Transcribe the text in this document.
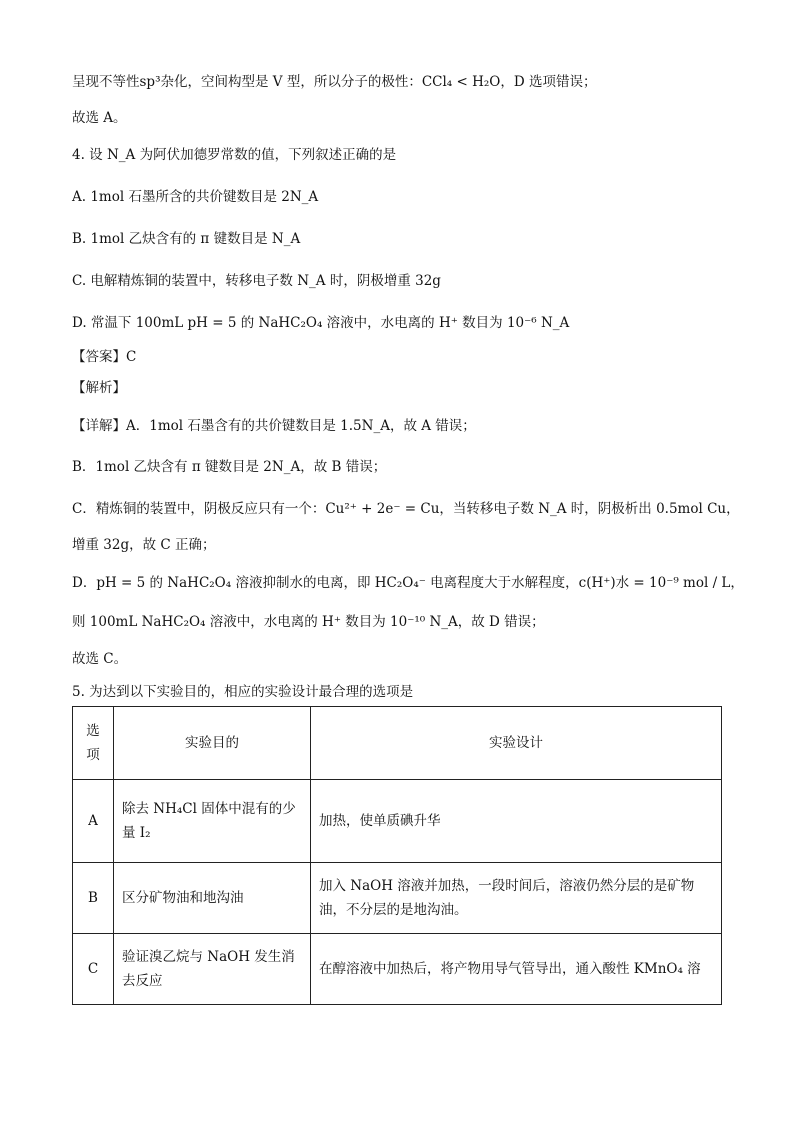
呈现不等性sp³杂化，空间构型是 V 型，所以分子的极性：CCl₄ < H₂O，D 选项错误；
故选 A。
4. 设 N_A 为阿伏加德罗常数的值，下列叙述正确的是
A. 1mol 石墨所含的共价键数目是 2N_A
B. 1mol 乙炔含有的 π 键数目是 N_A
C. 电解精炼铜的装置中，转移电子数 N_A 时，阴极增重 32g
D. 常温下 100mL pH = 5 的 NaHC₂O₄ 溶液中，水电离的 H⁺ 数目为 10⁻⁶ N_A
【答案】C
【解析】
【详解】A．1mol 石墨含有的共价键数目是 1.5N_A，故 A 错误；
B．1mol 乙炔含有 π 键数目是 2N_A，故 B 错误；
C．精炼铜的装置中，阴极反应只有一个：Cu²⁺ + 2e⁻ = Cu，当转移电子数 N_A 时，阴极析出 0.5mol Cu，
增重 32g，故 C 正确；
D．pH = 5 的 NaHC₂O₄ 溶液抑制水的电离，即 HC₂O₄⁻ 电离程度大于水解程度，c(H⁺)水 = 10⁻⁹ mol / L，
则 100mL NaHC₂O₄ 溶液中，水电离的 H⁺ 数目为 10⁻¹⁰ N_A，故 D 错误；
故选 C。
5. 为达到以下实验目的，相应的实验设计最合理的选项是
选项	实验目的	实验设计
A	除去 NH₄Cl 固体中混有的少量 I₂	加热，使单质碘升华
B	区分矿物油和地沟油	加入 NaOH 溶液并加热，一段时间后，溶液仍然分层的是矿物油，不分层的是地沟油。
C	验证溴乙烷与 NaOH 发生消去反应	在醇溶液中加热后，将产物用导气管导出，通入酸性 KMnO₄ 溶
